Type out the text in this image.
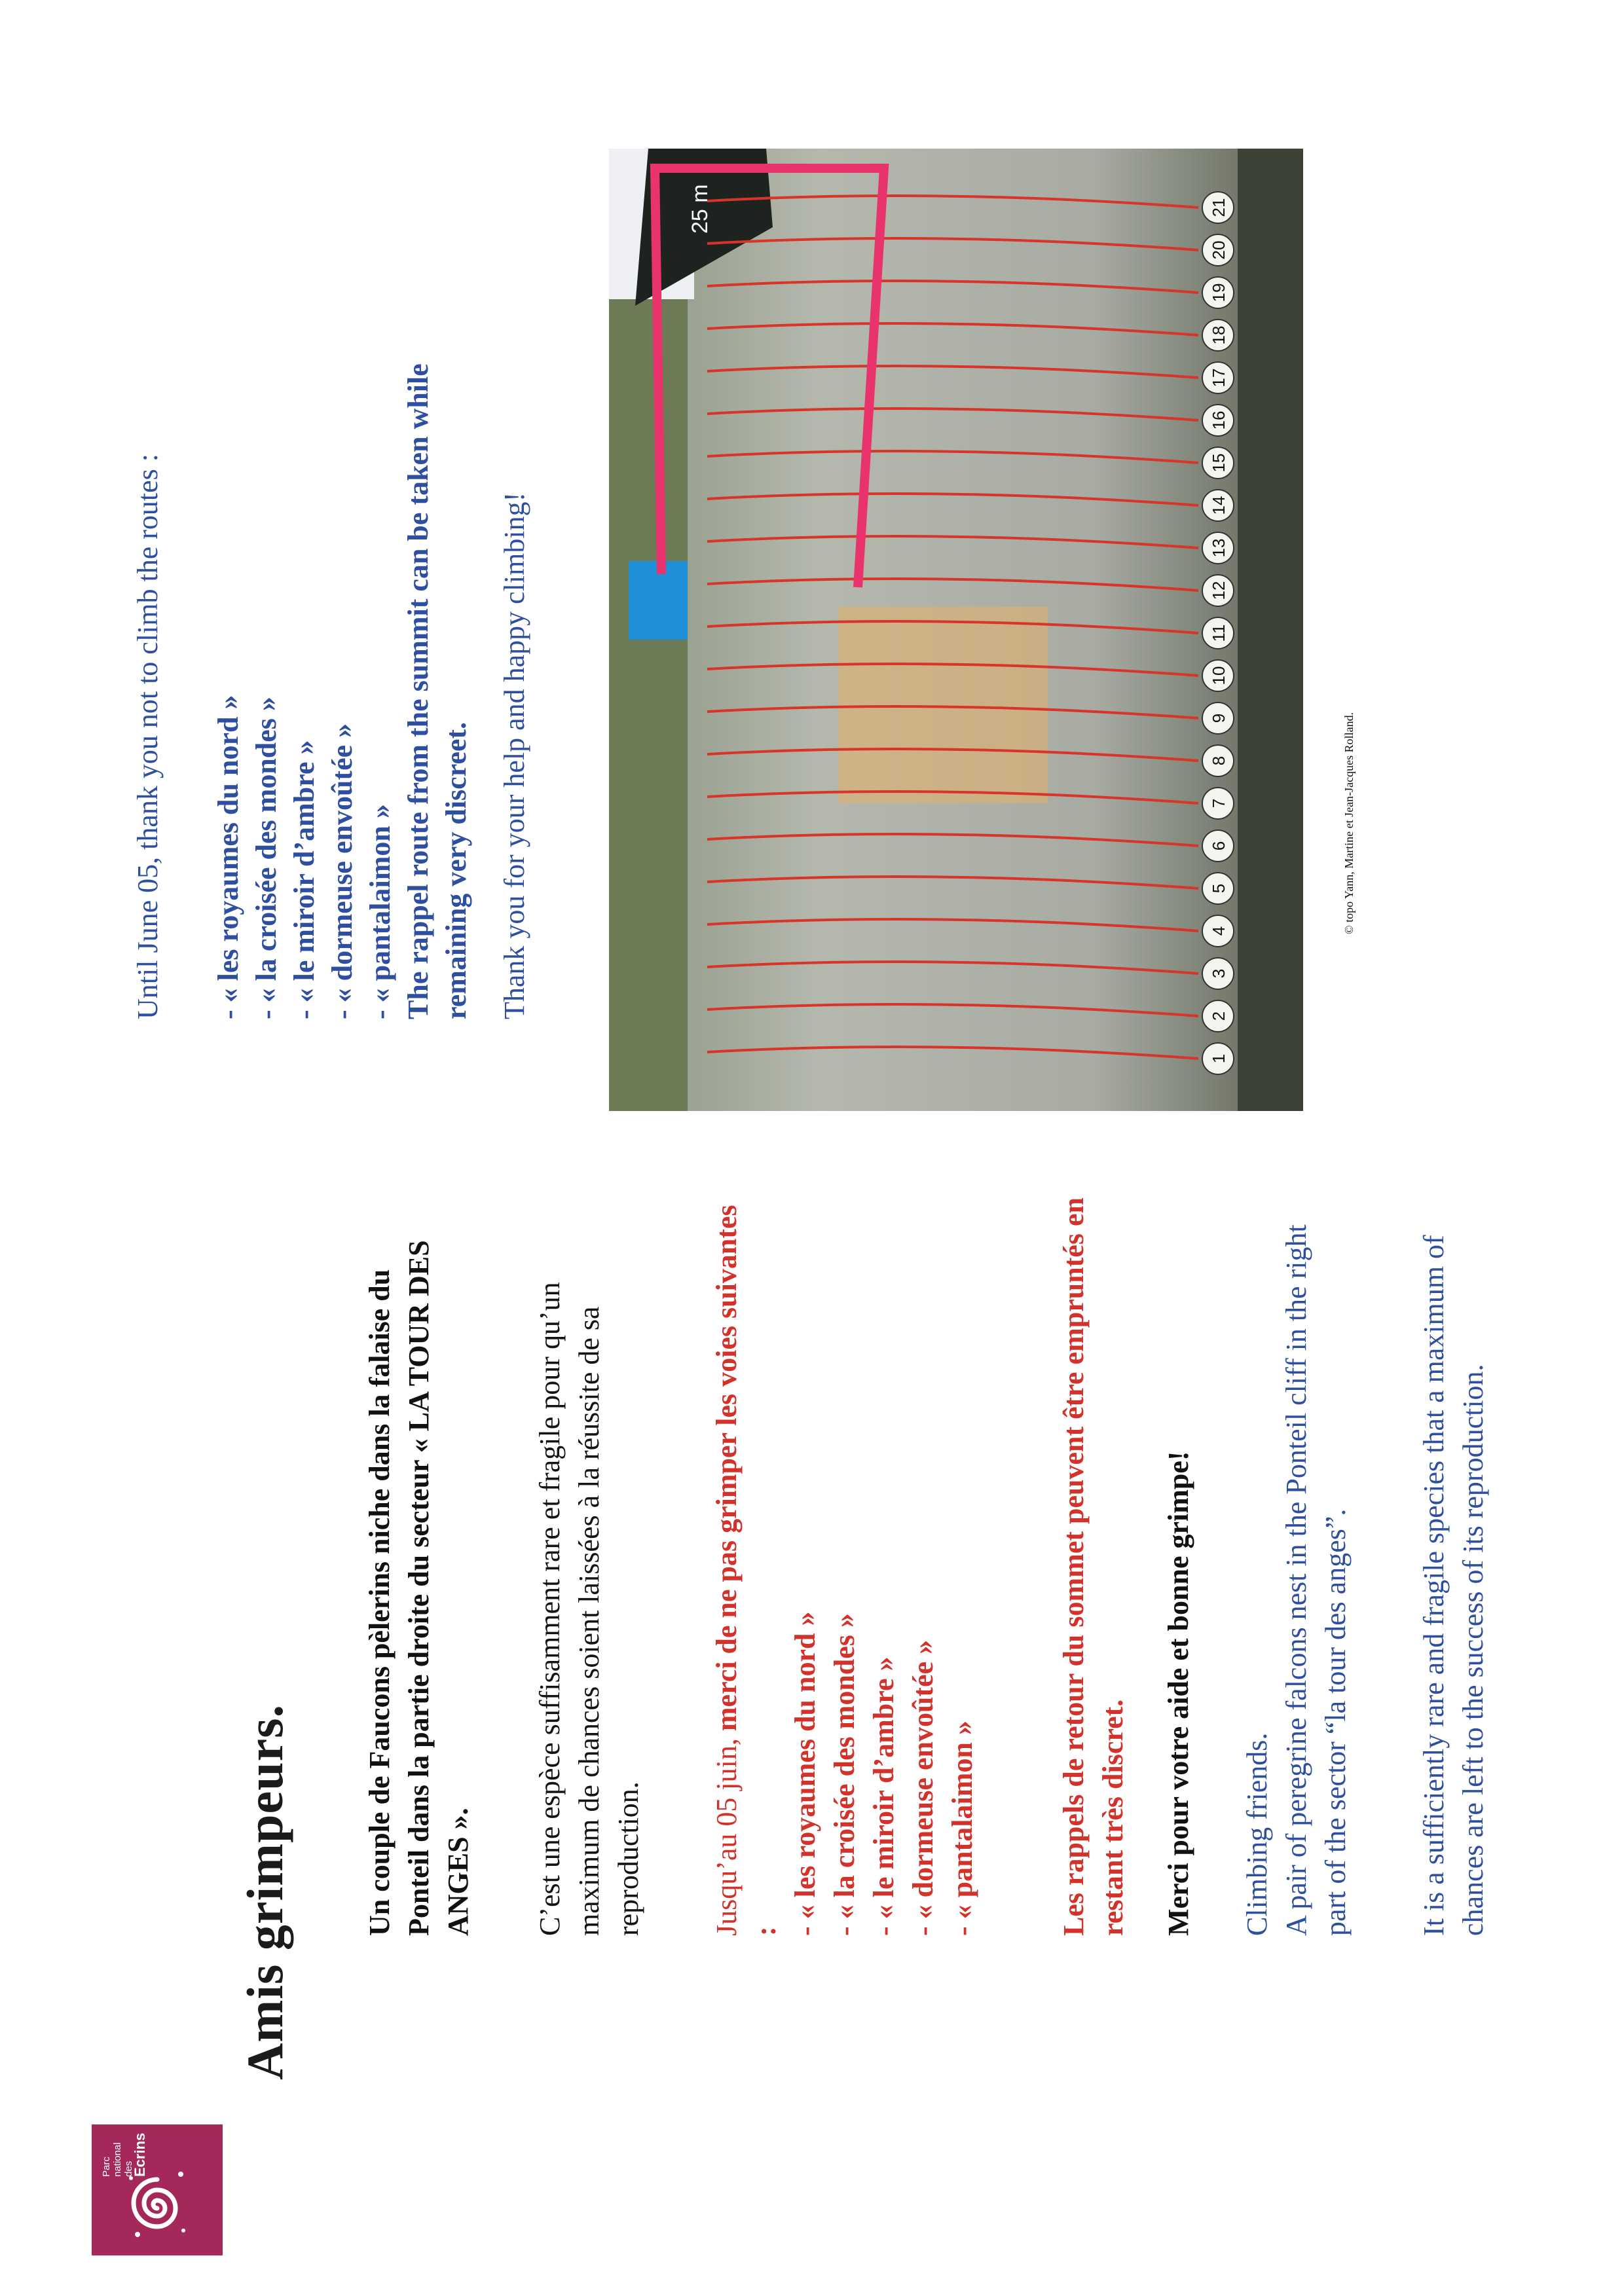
Parc national des Ecrins
Amis grimpeurs. Un couple de Faucons pèlerins niche dans la falaise du Ponteil dans la partie droite du secteur « LA TOUR DES ANGES ». C’est une espèce suffisamment rare et fragile pour qu’un maximum de chances soient laissées à la réussite de sa reproduction. Jusqu’au 05 juin, merci de ne pas grimper les voies suivantes : - « les royaumes du nord » - « la croisée des mondes » - « le miroir d’ambre » - « dormeuse envoûtée » - « pantalaimon »	Les rappels de retour du sommet peuvent être empruntés en restant très discret. Merci pour votre aide et bonne grimpe! Climbing friends. A pair of peregrine falcons nest in the Ponteil cliff in the right part of the sector “la tour des anges”. It is a sufficiently rare and fragile species that a maximum of chances are left to the success of its reproduction.
Until June 05, thank you not to climb the routes : - « les royaumes du nord » - « la croisée des mondes » - « le miroir d’ambre » - « dormeuse envoûtée » - « pantalaimon » The rappel route from the summit can be taken while remaining very discreet. Thank you for your help and happy climbing!
25 m
1
2
3
4
5
6
7
8
9
10
11
12
13
14
15
16
17
18
19
20
21
© topo Yann, Martine et Jean-Jacques Rolland.
